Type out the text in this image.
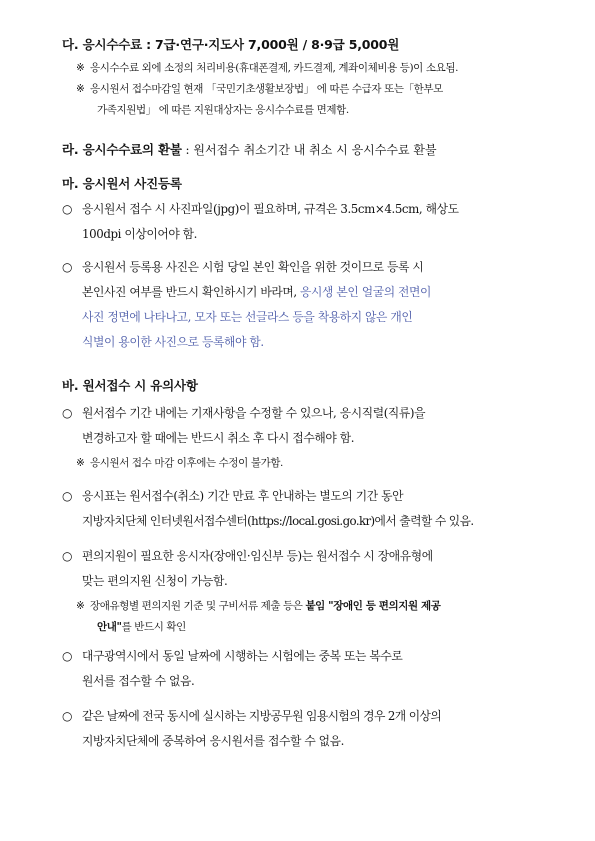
다. 응시수수료 : 7급·연구·지도사 7,000원 / 8·9급 5,000원
※ 응시수수료 외에 소정의 처리비용(휴대폰결제, 카드결제, 계좌이체비용 등)이 소요됨.
※ 응시원서 접수마감일 현재 「국민기초생활보장법」 에 따른 수급자 또는「한부모
가족지원법」 에 따른 지원대상자는 응시수수료를 면제함.
라. 응시수수료의 환불 : 원서접수 취소기간 내 취소 시 응시수수료 환불
마. 응시원서 사진등록
○ 응시원서 접수 시 사진파일(jpg)이 필요하며, 규격은 3.5cm×4.5cm, 해상도
100dpi 이상이어야 함.
○ 응시원서 등록용 사진은 시험 당일 본인 확인을 위한 것이므로 등록 시
본인사진 여부를 반드시 확인하시기 바라며, 응시생 본인 얼굴의 전면이
사진 정면에 나타나고, 모자 또는 선글라스 등을 착용하지 않은 개인
식별이 용이한 사진으로 등록해야 함.
바. 원서접수 시 유의사항
○ 원서접수 기간 내에는 기재사항을 수정할 수 있으나, 응시직렬(직류)을
변경하고자 할 때에는 반드시 취소 후 다시 접수해야 함.
※ 응시원서 접수 마감 이후에는 수정이 불가함.
○ 응시표는 원서접수(취소) 기간 만료 후 안내하는 별도의 기간 동안
지방자치단체 인터넷원서접수센터(https://local.gosi.go.kr)에서 출력할 수 있음.
○ 편의지원이 필요한 응시자(장애인·임신부 등)는 원서접수 시 장애유형에
맞는 편의지원 신청이 가능함.
※ 장애유형별 편의지원 기준 및 구비서류 제출 등은 붙임 "장애인 등 편의지원 제공
안내"를 반드시 확인
○ 대구광역시에서 동일 날짜에 시행하는 시험에는 중복 또는 복수로
원서를 접수할 수 없음.
○ 같은 날짜에 전국 동시에 실시하는 지방공무원 임용시험의 경우 2개 이상의
지방자치단체에 중복하여 응시원서를 접수할 수 없음.
